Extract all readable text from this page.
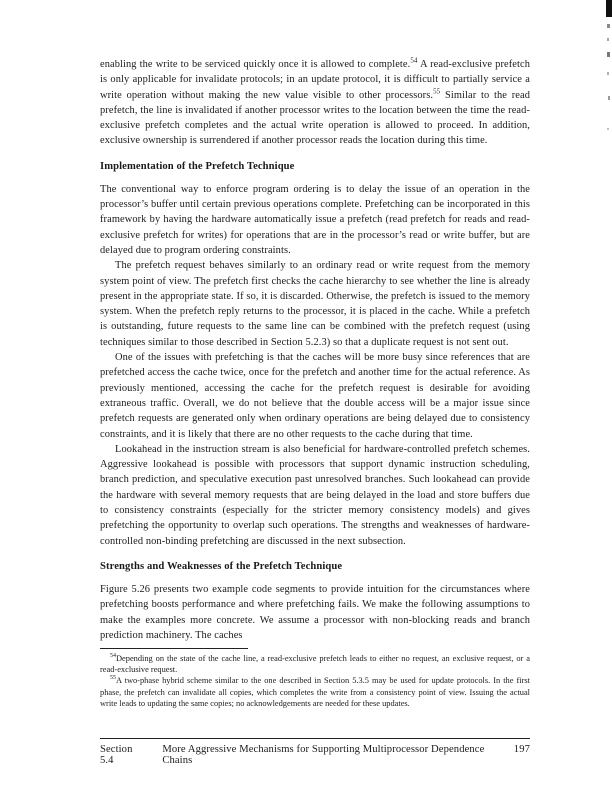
enabling the write to be serviced quickly once it is allowed to complete.$^{54}$ A read-exclusive prefetch is only applicable for invalidate protocols; in an update protocol, it is difficult to partially service a write operation without making the new value visible to other processors.$^{55}$ Similar to the read prefetch, the line is invalidated if another processor writes to the location between the time the read-exclusive prefetch completes and the actual write operation is allowed to proceed. In addition, exclusive ownership is surrendered if another processor reads the location during this time.

Implementation of the Prefetch Technique

The conventional way to enforce program ordering is to delay the issue of an operation in the processor’s buffer until certain previous operations complete. Prefetching can be incorporated in this framework by having the hardware automatically issue a prefetch (read prefetch for reads and read-exclusive prefetch for writes) for operations that are in the processor’s read or write buffer, but are delayed due to program ordering constraints.

The prefetch request behaves similarly to an ordinary read or write request from the memory system point of view. The prefetch first checks the cache hierarchy to see whether the line is already present in the appropriate state. If so, it is discarded. Otherwise, the prefetch is issued to the memory system. When the prefetch reply returns to the processor, it is placed in the cache. While a prefetch is outstanding, future requests to the same line can be combined with the prefetch request (using techniques similar to those described in Section 5.2.3) so that a duplicate request is not sent out.

One of the issues with prefetching is that the caches will be more busy since references that are prefetched access the cache twice, once for the prefetch and another time for the actual reference. As previously mentioned, accessing the cache for the prefetch request is desirable for avoiding extraneous traffic. Overall, we do not believe that the double access will be a major issue since prefetch requests are generated only when ordinary operations are being delayed due to consistency constraints, and it is likely that there are no other requests to the cache during that time.

Lookahead in the instruction stream is also beneficial for hardware-controlled prefetch schemes. Aggressive lookahead is possible with processors that support dynamic instruction scheduling, branch prediction, and speculative execution past unresolved branches. Such lookahead can provide the hardware with several memory requests that are being delayed in the load and store buffers due to consistency constraints (especially for the stricter memory consistency models) and gives prefetching the opportunity to overlap such operations. The strengths and weaknesses of hardware-controlled non-binding prefetching are discussed in the next subsection.

Strengths and Weaknesses of the Prefetch Technique

Figure 5.26 presents two example code segments to provide intuition for the circumstances where prefetching boosts performance and where prefetching fails. We make the following assumptions to make the examples more concrete. We assume a processor with non-blocking reads and branch prediction machinery. The caches

$^{54}$Depending on the state of the cache line, a read-exclusive prefetch leads to either no request, an exclusive request, or a read-exclusive request.

$^{55}$A two-phase hybrid scheme similar to the one described in Section 5.3.5 may be used for update protocols. In the first phase, the prefetch can invalidate all copies, which completes the write from a consistency point of view. Issuing the actual write leads to updating the same copies; no acknowledgements are needed for these updates.

Section 5.4
More Aggressive Mechanisms for Supporting Multiprocessor Dependence Chains
197
